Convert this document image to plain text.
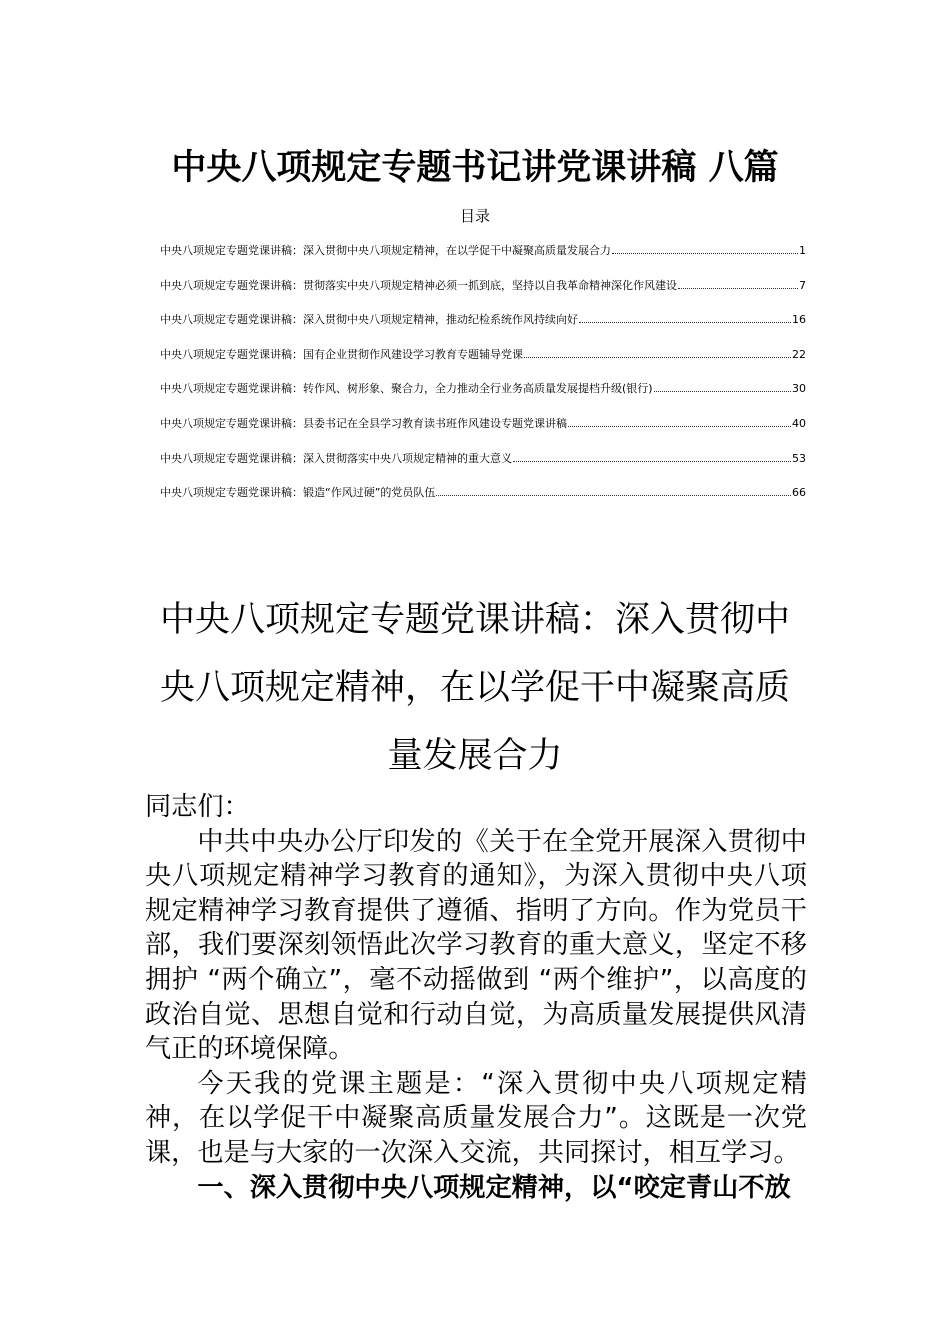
中央八项规定专题书记讲党课讲稿 八篇
目录
中央八项规定专题党课讲稿：深入贯彻中央八项规定精神，在以学促干中凝聚高质量发展合力	1
中央八项规定专题党课讲稿：贯彻落实中央八项规定精神必须一抓到底，坚持以自我革命精神深化作风建设	7
中央八项规定专题党课讲稿：深入贯彻中央八项规定精神，推动纪检系统作风持续向好	16
中央八项规定专题党课讲稿：国有企业贯彻作风建设学习教育专题辅导党课	22
中央八项规定专题党课讲稿：转作风、树形象、聚合力，全力推动全行业务高质量发展提档升级(银行)	30
中央八项规定专题党课讲稿：县委书记在全县学习教育读书班作风建设专题党课讲稿	40
中央八项规定专题党课讲稿：深入贯彻落实中央八项规定精神的重大意义	53
中央八项规定专题党课讲稿：锻造“作风过硬”的党员队伍	66
中央八项规定专题党课讲稿：深入贯彻中央八项规定精神，在以学促干中凝聚高质量发展合力

同志们：

中共中央办公厅印发的《关于在全党开展深入贯彻中央八项规定精神学习教育的通知》，为深入贯彻中央八项规定精神学习教育提供了遵循、指明了方向。作为党员干部，我们要深刻领悟此次学习教育的重大意义，坚定不移拥护 “两个确立”，毫不动摇做到 “两个维护”，以高度的政治自觉、思想自觉和行动自觉，为高质量发展提供风清气正的环境保障。

今天我的党课主题是：“深入贯彻中央八项规定精神，在以学促干中凝聚高质量发展合力”。这既是一次党课，也是与大家的一次深入交流，共同探讨，相互学习。

一、深入贯彻中央八项规定精神，以“咬定青山不放
